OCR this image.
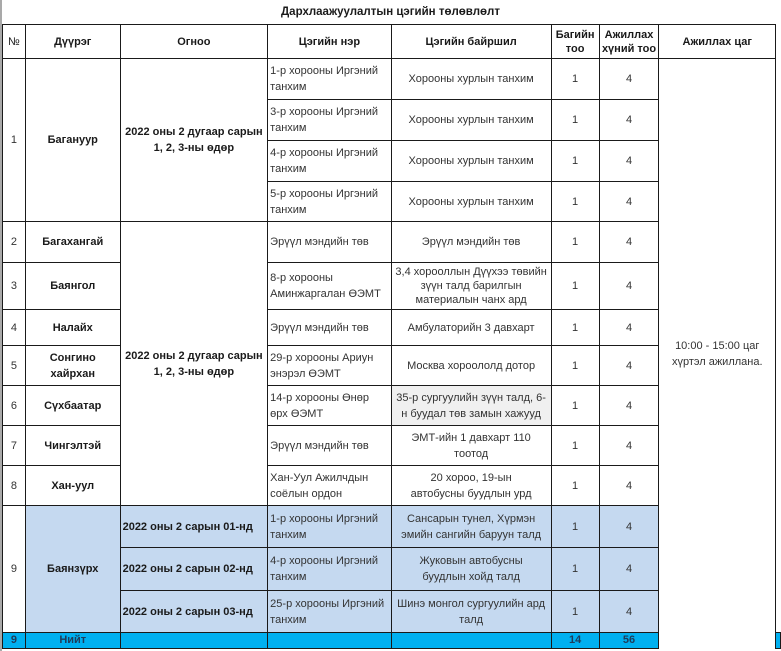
Дархлаажуулалтын цэгийн төлөвлөлт
№	Дүүрэг	Огноо	Цэгийн нэр	Цэгийн байршил	Багийн тоо	Ажиллах хүний тоо	Ажиллах цаг	
1	Багануур	2022 оны 2 дугаар сарын 1, 2, 3-ны өдөр	1-р хорооны Иргэний танхим	Хорооны хурлын танхим	1	4	10:00 - 15:00 цаг хүртэл ажиллана.	
			3-р хорооны Иргэний танхим	Хорооны хурлын танхим	1	4		
			4-р хорооны Иргэний танхим	Хорооны хурлын танхим	1	4		
			5-р хорооны Иргэний танхим	Хорооны хурлын танхим	1	4		
2	Багахангай	2022 оны 2 дугаар сарын 1, 2, 3-ны өдөр	Эрүүл мэндийн төв	Эрүүл мэндийн төв	1	4		
3	Баянгол		8-р хорооны Аминжаргалан ӨЭМТ	3,4 хорооллын Дүүхээ төвийн зүүн талд барилгын материалын чанх ард	1	4		
4	Налайх		Эрүүл мэндийн төв	Амбулаторийн 3 давхарт	1	4		
5	Сонгино хайрхан		29-р хорооны Ариун энэрэл ӨЭМТ	Москва хороололд дотор	1	4		
6	Сүхбаатар		14-р хорооны Өнөр өрх ӨЭМТ	35-р сургуулийн зүүн талд, 6-н буудал төв замын хажууд	1	4		
7	Чингэлтэй		Эрүүл мэндийн төв	ЭМТ-ийн 1 давхарт 110 тоотод	1	4		
8	Хан-уул		Хан-Уул Ажилчдын соёлын ордон	20 хороо, 19-ын автобусны буудлын урд	1	4		
9	Баянзүрх	2022 оны 2 сарын 01-нд	1-р хорооны Иргэний танхим	Сансарын тунел, Хүрмэн эмийн сангийн баруун талд	1	4		
		2022 оны 2 сарын 02-нд	4-р хорооны Иргэний танхим	Жуковын автобусны буудлын хойд талд	1	4		
		2022 оны 2 сарын 03-нд	25-р хорооны Иргэний танхим	Шинэ монгол сургуулийн ард талд	1	4		
9	Нийт				14	56		
